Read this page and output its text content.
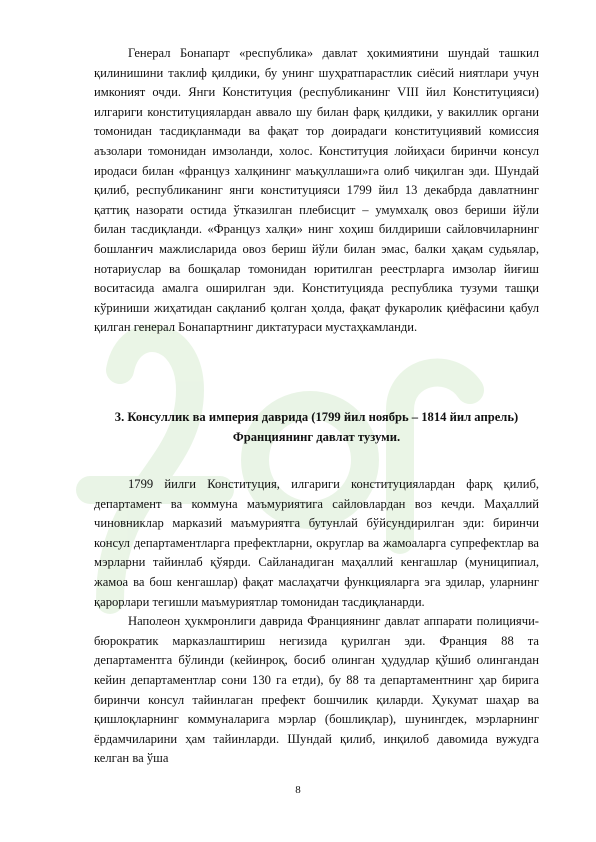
Генерал Бонапарт «республика» давлат ҳокимиятини шундай ташкил қилинишини таклиф қилдики, бу унинг шуҳратпарастлик сиёсий ниятлари учун имконият очди. Янги Конституция (республиканинг VIII йил Конституцияси) илгариги конституциялардан аввало шу билан фарқ қилдики, у вакиллик органи томонидан тасдиқланмади ва фақат тор доирадаги конституциявий комиссия аъзолари томонидан имзоланди, холос. Конституция лойиҳаси биринчи консул иродаси билан «француз халқининг маъқуллаши»га олиб чиқилган эди. Шундай қилиб, республиканинг янги конституцияси 1799 йил 13 декабрда давлатнинг қаттиқ назорати остида ўтказилган плебисцит – умумхалқ овоз бериши йўли билан тасдиқланди. «Француз халқи» нинг хоҳиш билдириши сайловчиларнинг бошланғич мажлисларида овоз бериш йўли билан эмас, балки ҳақам судьялар, нотариуслар ва бошқалар томонидан юритилган реестрларга имзолар йиғиш воситасида амалга оширилган эди. Конституцияда республика тузуми ташқи кўриниши жиҳатидан сақланиб қолган ҳолда, фақат фукаролик қиёфасини қабул қилган генерал Бонапартнинг диктатураси мустаҳкамланди.

3. Консуллик ва империя даврида (1799 йил ноябрь – 1814 йил апрель) Франциянинг давлат тузуми.

1799 йилги Конституция, илгариги конституциялардан фарқ қилиб, департамент ва коммуна маъмуриятига сайловлардан воз кечди. Маҳаллий чиновниклар марказий маъмуриятга бутунлай бўйсундирилган эди: биринчи консул департаментларга префектларни, округлар ва жамоаларга супрефектлар ва мэрларни тайинлаб қўярди. Сайланадиган маҳаллий кенгашлар (муниципиал, жамоа ва бош кенгашлар) фақат маслаҳатчи функцияларга эга эдилар, уларнинг қарорлари тегишли маъмуриятлар томонидан тасдиқланарди.

Наполеон ҳукмронлиги даврида Франциянинг давлат аппарати полициячи-бюрократик марказлаштириш негизида қурилган эди. Франция 88 та департаментга бўлинди (кейинроқ, босиб олинган ҳудудлар қўшиб олингандан кейин департаментлар сони 130 га етди), бу 88 та департаментнинг ҳар бирига биринчи консул тайинлаган префект бошчилик қиларди. Ҳукумат шаҳар ва қишлоқларнинг коммуналарига мэрлар (бошлиқлар), шунингдек, мэрларнинг ёрдамчиларини ҳам тайинларди. Шундай қилиб, инқилоб давомида вужудга келган ва ўша

8
